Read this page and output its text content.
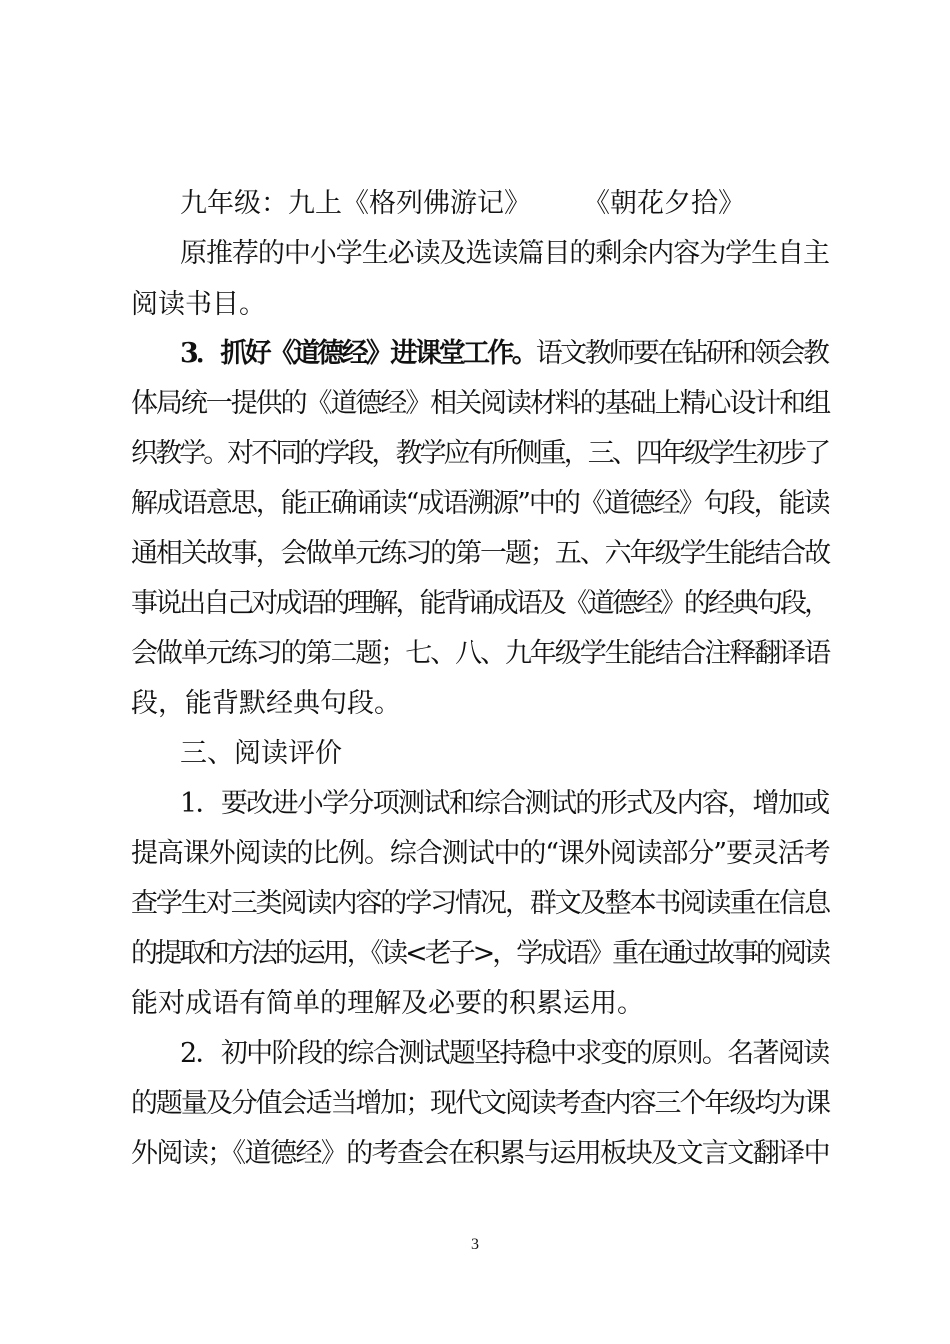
九年级：九上《格列佛游记》 《朝花夕拾》
原推荐的中小学生必读及选读篇目的剩余内容为学生自主
阅读书目。
3．抓好《道德经》进课堂工作。语文教师要在钻研和领会教
体局统一提供的《道德经》相关阅读材料的基础上精心设计和组
织教学。对不同的学段，教学应有所侧重，三、四年级学生初步了
解成语意思，能正确诵读“成语溯源”中的《道德经》句段，能读
通相关故事，会做单元练习的第一题；五、六年级学生能结合故
事说出自己对成语的理解，能背诵成语及《道德经》的经典句段，
会做单元练习的第二题；七、八、九年级学生能结合注释翻译语
段，能背默经典句段。
三、阅读评价
1．要改进小学分项测试和综合测试的形式及内容，增加或
提高课外阅读的比例。综合测试中的“课外阅读部分”要灵活考
查学生对三类阅读内容的学习情况，群文及整本书阅读重在信息
的提取和方法的运用，《读<老子>，学成语》重在通过故事的阅读
能对成语有简单的理解及必要的积累运用。
2．初中阶段的综合测试题坚持稳中求变的原则。名著阅读
的题量及分值会适当增加；现代文阅读考查内容三个年级均为课
外阅读；《道德经》的考查会在积累与运用板块及文言文翻译中
3
